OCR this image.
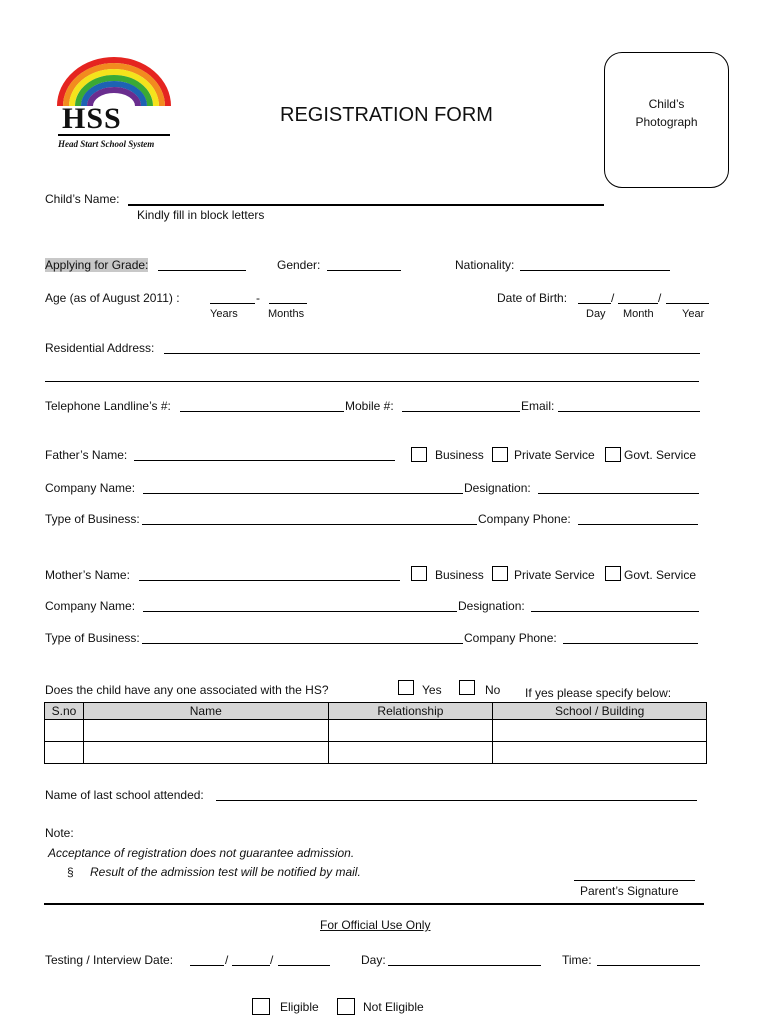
HSS
Head Start School System
REGISTRATION FORM	Child’s
Photograph
Child’s Name:
Kindly fill in block letters
Applying for Grade:	Gender:	Nationality:
Age (as of August 2011) :	-
Years	Months
Date of Birth:	/	/
Day Month	Year
Residential Address:
Telephone Landline’s #:	Mobile #:	Email:
Father’s Name:	Business	Private Service Govt. Service
Company Name:	Designation:
Type of Business:	Company Phone:
Mother’s Name:	Business	Private Service Govt. Service
Company Name:	Designation:
Type of Business:	Company Phone:
Does the child have any one associated with the HS?	Yes	No If yes please specify below:
S.no	Name	Relationship	School / Building

Name of last school attended:
Note:
Acceptance of registration does not guarantee admission.
§ Result of the admission test will be notified by mail.
Parent’s Signature
For Official Use Only
Testing / Interview Date:	/	/	Day:	Time:
Eligible	Not Eligible
